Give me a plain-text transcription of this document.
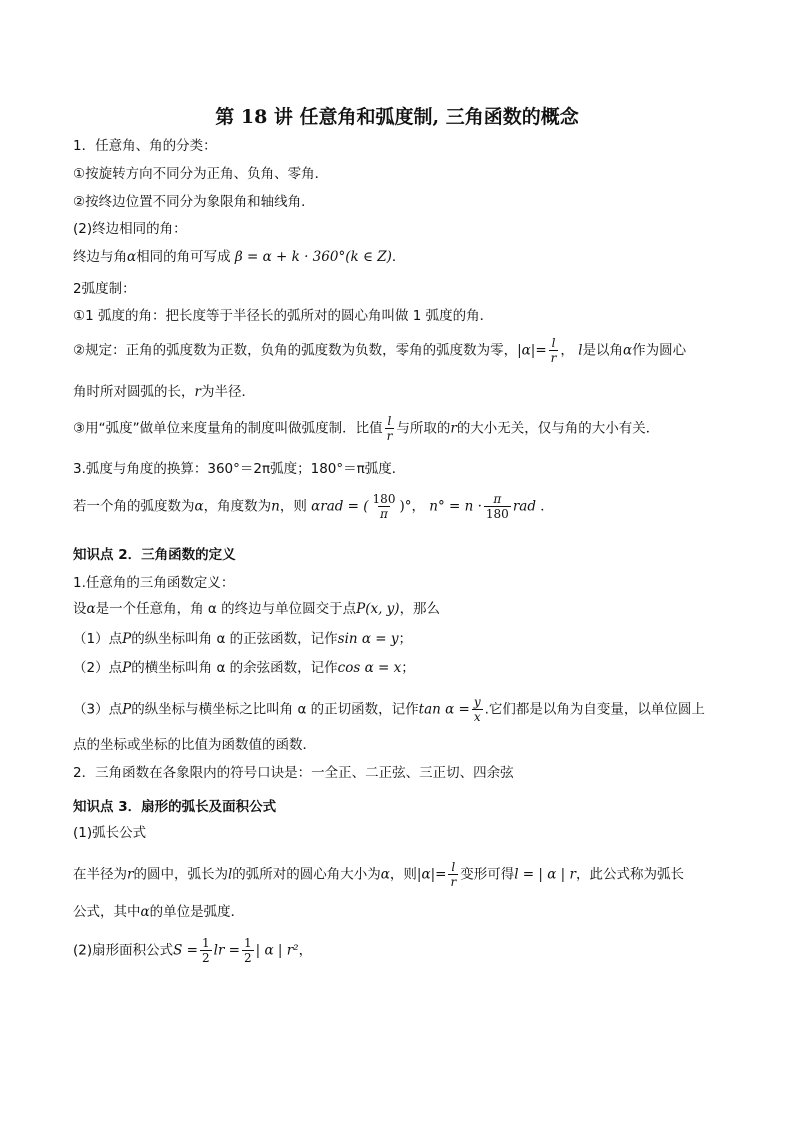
第 18 讲 任意角和弧度制, 三角函数的概念
1．任意角、角的分类：
①按旋转方向不同分为正角、负角、零角．
②按终边位置不同分为象限角和轴线角．
(2)终边相同的角：
终边与角α相同的角可写成 β = α + k · 360°(k ∈ Z)．
2弧度制：
①1 弧度的角：把长度等于半径长的弧所对的圆心角叫做 1 弧度的角．
②规定：正角的弧度数为正数，负角的弧度数为负数，零角的弧度数为零，$|\alpha|= \frac{l}{r}$ ， l是以角α作为圆心
角时所对圆弧的长，r为半径．
③用“弧度”做单位来度量角的制度叫做弧度制．比值 $\frac{l}{r}$ 与所取的r的大小无关，仅与角的大小有关．
3.弧度与角度的换算：360°＝2π弧度；180°＝π弧度．
若一个角的弧度数为α，角度数为n，则 αrad = ( $\frac{180}{\pi}$ )°， $n^\circ = n \cdot \frac{\pi}{180}$ rad ．
知识点 2．三角函数的定义
1.任意角的三角函数定义：
设α是一个任意角，角 α 的终边与单位圆交于点P(x, y)，那么
（1）点P的纵坐标叫角 α 的正弦函数，记作sin α = y；
（2）点P的横坐标叫角 α 的余弦函数，记作cos α = x；
（3）点P的纵坐标与横坐标之比叫角 α 的正切函数，记作$\tan \alpha = \frac{y}{x}$ .它们都是以角为自变量，以单位圆上
点的坐标或坐标的比值为函数值的函数．
2．三角函数在各象限内的符号口诀是：一全正、二正弦、三正切、四余弦
知识点 3．扇形的弧长及面积公式
(1)弧长公式
在半径为r的圆中，弧长为l的弧所对的圆心角大小为α，则$|\alpha|= \frac{l}{r}$ 变形可得l = | α | r，此公式称为弧长
公式，其中α的单位是弧度．
(2)扇形面积公式$S = \frac{1}{2}$ lr = $\frac{1}{2}$ | α | r²，
